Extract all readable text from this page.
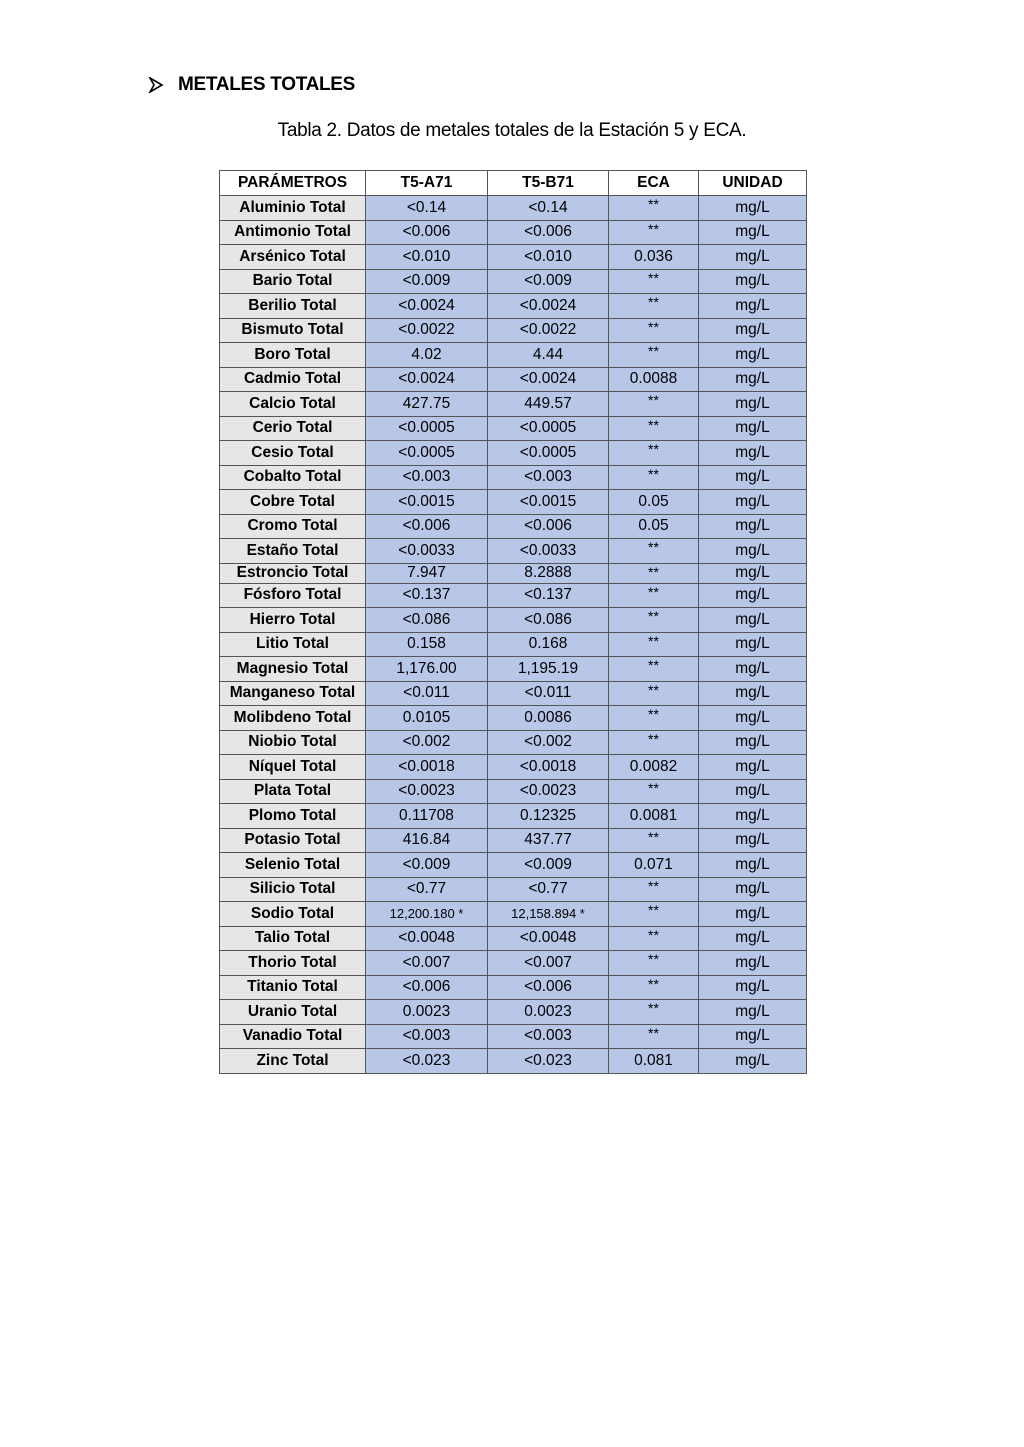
METALES TOTALES
Tabla 2. Datos de metales totales de la Estación 5 y ECA.
PARÁMETROS	T5-A71	T5-B71	ECA	UNIDAD
Aluminio Total	<0.14	<0.14	**	mg/L
Antimonio Total	<0.006	<0.006	**	mg/L
Arsénico Total	<0.010	<0.010	0.036	mg/L
Bario Total	<0.009	<0.009	**	mg/L
Berilio Total	<0.0024	<0.0024	**	mg/L
Bismuto Total	<0.0022	<0.0022	**	mg/L
Boro Total	4.02	4.44	**	mg/L
Cadmio Total	<0.0024	<0.0024	0.0088	mg/L
Calcio Total	427.75	449.57	**	mg/L
Cerio Total	<0.0005	<0.0005	**	mg/L
Cesio Total	<0.0005	<0.0005	**	mg/L
Cobalto Total	<0.003	<0.003	**	mg/L
Cobre Total	<0.0015	<0.0015	0.05	mg/L
Cromo Total	<0.006	<0.006	0.05	mg/L
Estaño Total	<0.0033	<0.0033	**	mg/L
Estroncio Total	7.947	8.2888	**	mg/L
Fósforo Total	<0.137	<0.137	**	mg/L
Hierro Total	<0.086	<0.086	**	mg/L
Litio Total	0.158	0.168	**	mg/L
Magnesio Total	1,176.00	1,195.19	**	mg/L
Manganeso Total	<0.011	<0.011	**	mg/L
Molibdeno Total	0.0105	0.0086	**	mg/L
Niobio Total	<0.002	<0.002	**	mg/L
Níquel Total	<0.0018	<0.0018	0.0082	mg/L
Plata Total	<0.0023	<0.0023	**	mg/L
Plomo Total	0.11708	0.12325	0.0081	mg/L
Potasio Total	416.84	437.77	**	mg/L
Selenio Total	<0.009	<0.009	0.071	mg/L
Silicio Total	<0.77	<0.77	**	mg/L
Sodio Total	12,200.180 *	12,158.894 *	**	mg/L
Talio Total	<0.0048	<0.0048	**	mg/L
Thorio Total	<0.007	<0.007	**	mg/L
Titanio Total	<0.006	<0.006	**	mg/L
Uranio Total	0.0023	0.0023	**	mg/L
Vanadio Total	<0.003	<0.003	**	mg/L
Zinc Total	<0.023	<0.023	0.081	mg/L
